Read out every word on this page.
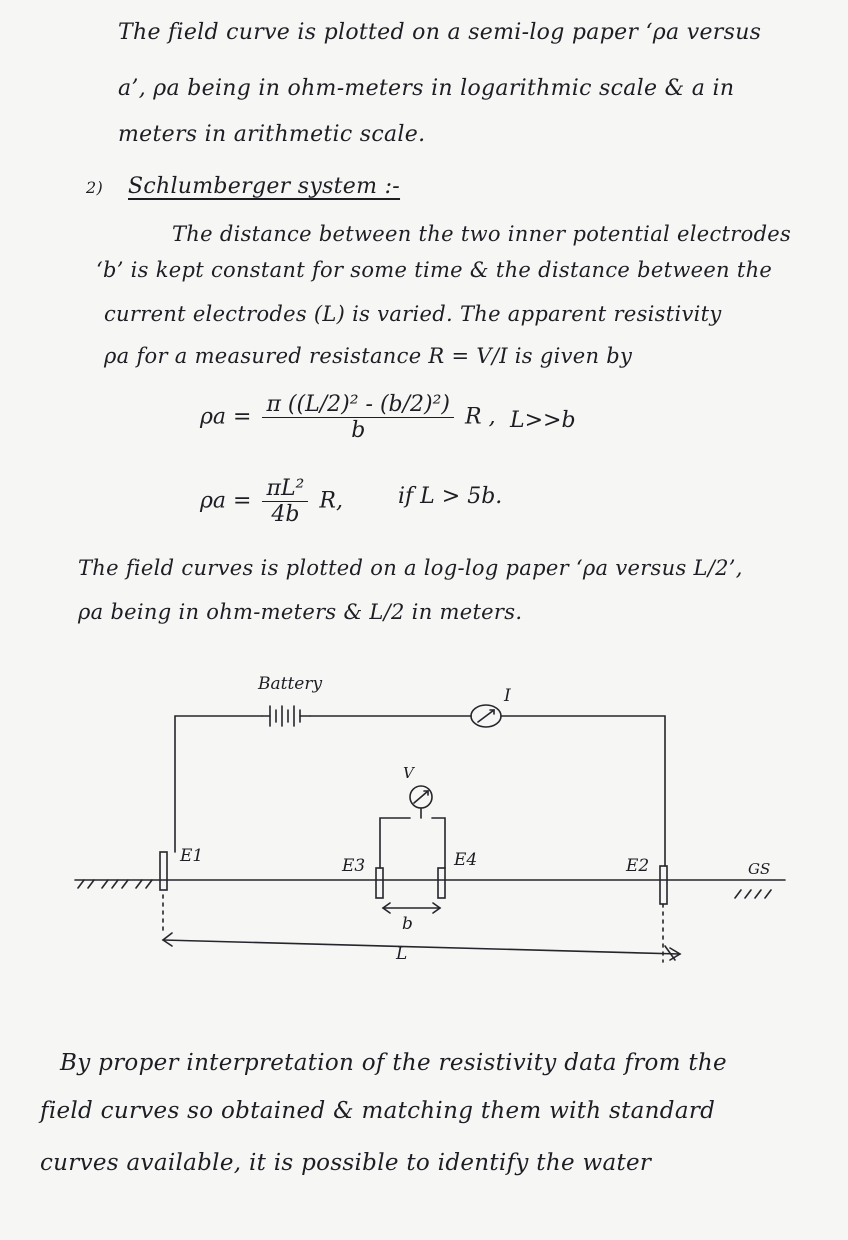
The field curve is plotted on a semi-log paper ‘ρa versus
a’, ρa being in ohm-meters in logarithmic scale & a in
meters in arithmetic scale.
2) Schlumberger system :-
The distance between the two inner potential electrodes
‘b’ is kept constant for some time & the distance between the
current electrodes (L) is varied. The apparent resistivity
ρa for a measured resistance R = V/I is given by
$\rho a = \frac{\text{π ((L/2)² - (b/2)²)}}{b}$ R , L>>b
$\rho a = \frac{\text{πL²}}{4b} R$,	if L > 5b.
The field curves is plotted on a log-log paper ‘ρa versus L/2’,
ρa being in ohm-meters & L/2 in meters.
Battery
I
V
E1	E3	E4	E2	GS
b
L
By proper interpretation of the resistivity data from the
field curves so obtained & matching them with standard
curves available, it is possible to identify the water
